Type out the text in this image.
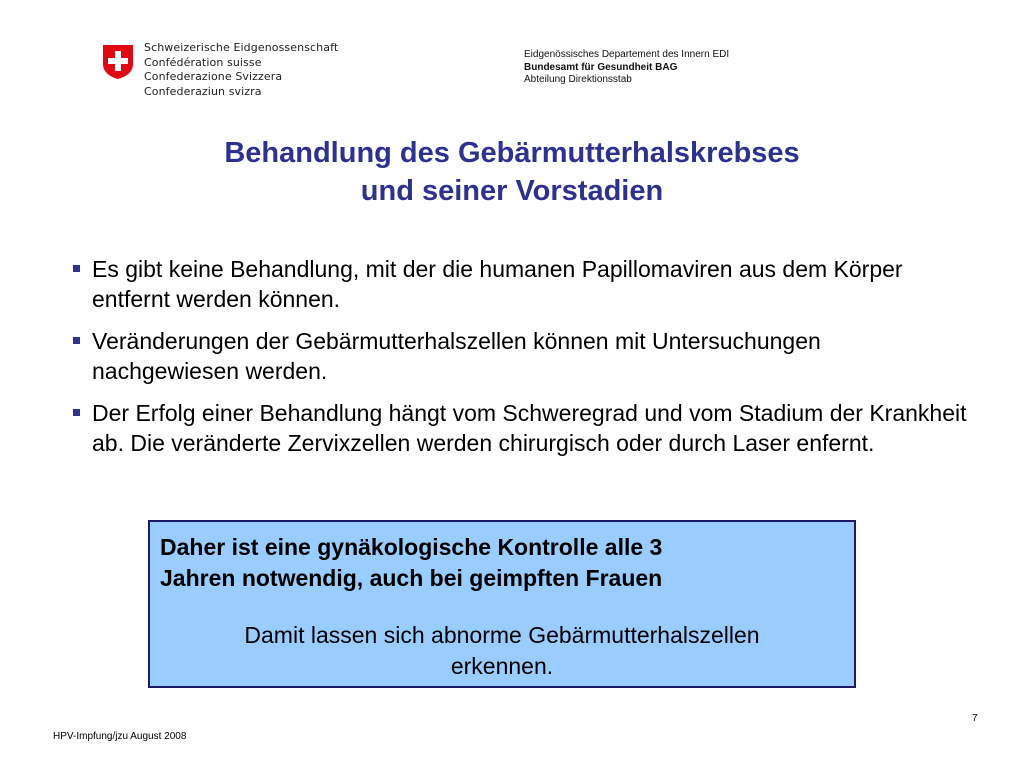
Schweizerische Eidgenossenschaft
Confédération suisse
Confederazione Svizzera
Confederaziun svizra
Eidgenössisches Departement des Innern EDI
Bundesamt für Gesundheit BAG
Abteilung Direktionsstab
Behandlung des Gebärmutterhalskrebses
und seiner Vorstadien
Es gibt keine Behandlung, mit der die humanen Papillomaviren aus dem Körper entfernt werden können.
Veränderungen der Gebärmutterhalszellen können mit Untersuchungen nachgewiesen werden.
Der Erfolg einer Behandlung hängt vom Schweregrad und vom Stadium der Krankheit ab. Die veränderte Zervixzellen werden chirurgisch oder durch Laser enfernt.
Daher ist eine gynäkologische Kontrolle alle 3
Jahren notwendig, auch bei geimpften Frauen
Damit lassen sich abnorme Gebärmutterhalszellen
erkennen.
HPV-Impfung/jzu August 2008
7
